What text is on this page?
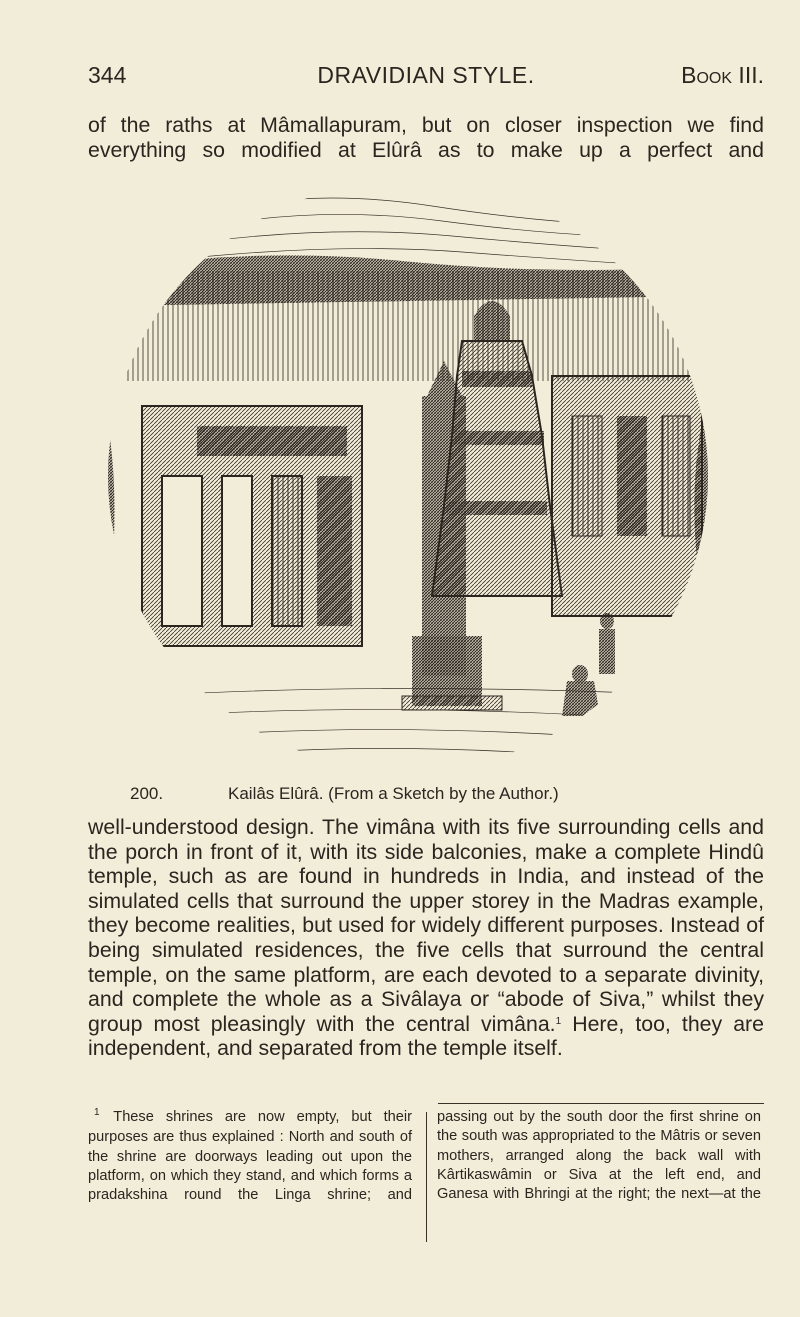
344	DRAVIDIAN STYLE.	Book III.

of the raths at Mâmallapuram, but on closer inspection we find everything so modified at Elûrâ as to make up a perfect and

200.	Kailâs Elûrâ. (From a Sketch by the Author.)

well-understood design. The vimâna with its five surrounding cells and the porch in front of it, with its side balconies, make a complete Hindû temple, such as are found in hundreds in India, and instead of the simulated cells that surround the upper storey in the Madras example, they become realities, but used for widely different purposes. Instead of being simulated residences, the five cells that surround the central temple, on the same platform, are each devoted to a separate divinity, and complete the whole as a Sivâlaya or “abode of Siva,” whilst they group most pleasingly with the central vimâna.$^1$ Here, too, they are independent, and separated from the temple itself.

$^1$ These shrines are now empty, but their purposes are thus explained : North and south of the shrine are doorways leading out upon the platform, on which they stand, and which forms a pradakshina round the Linga shrine; and

passing out by the south door the first shrine on the south was appropriated to the Mâtris or seven mothers, arranged along the back wall with Kârtikaswâmin or Siva at the left end, and Ganesa with Bhringi at the right; the next—at the
